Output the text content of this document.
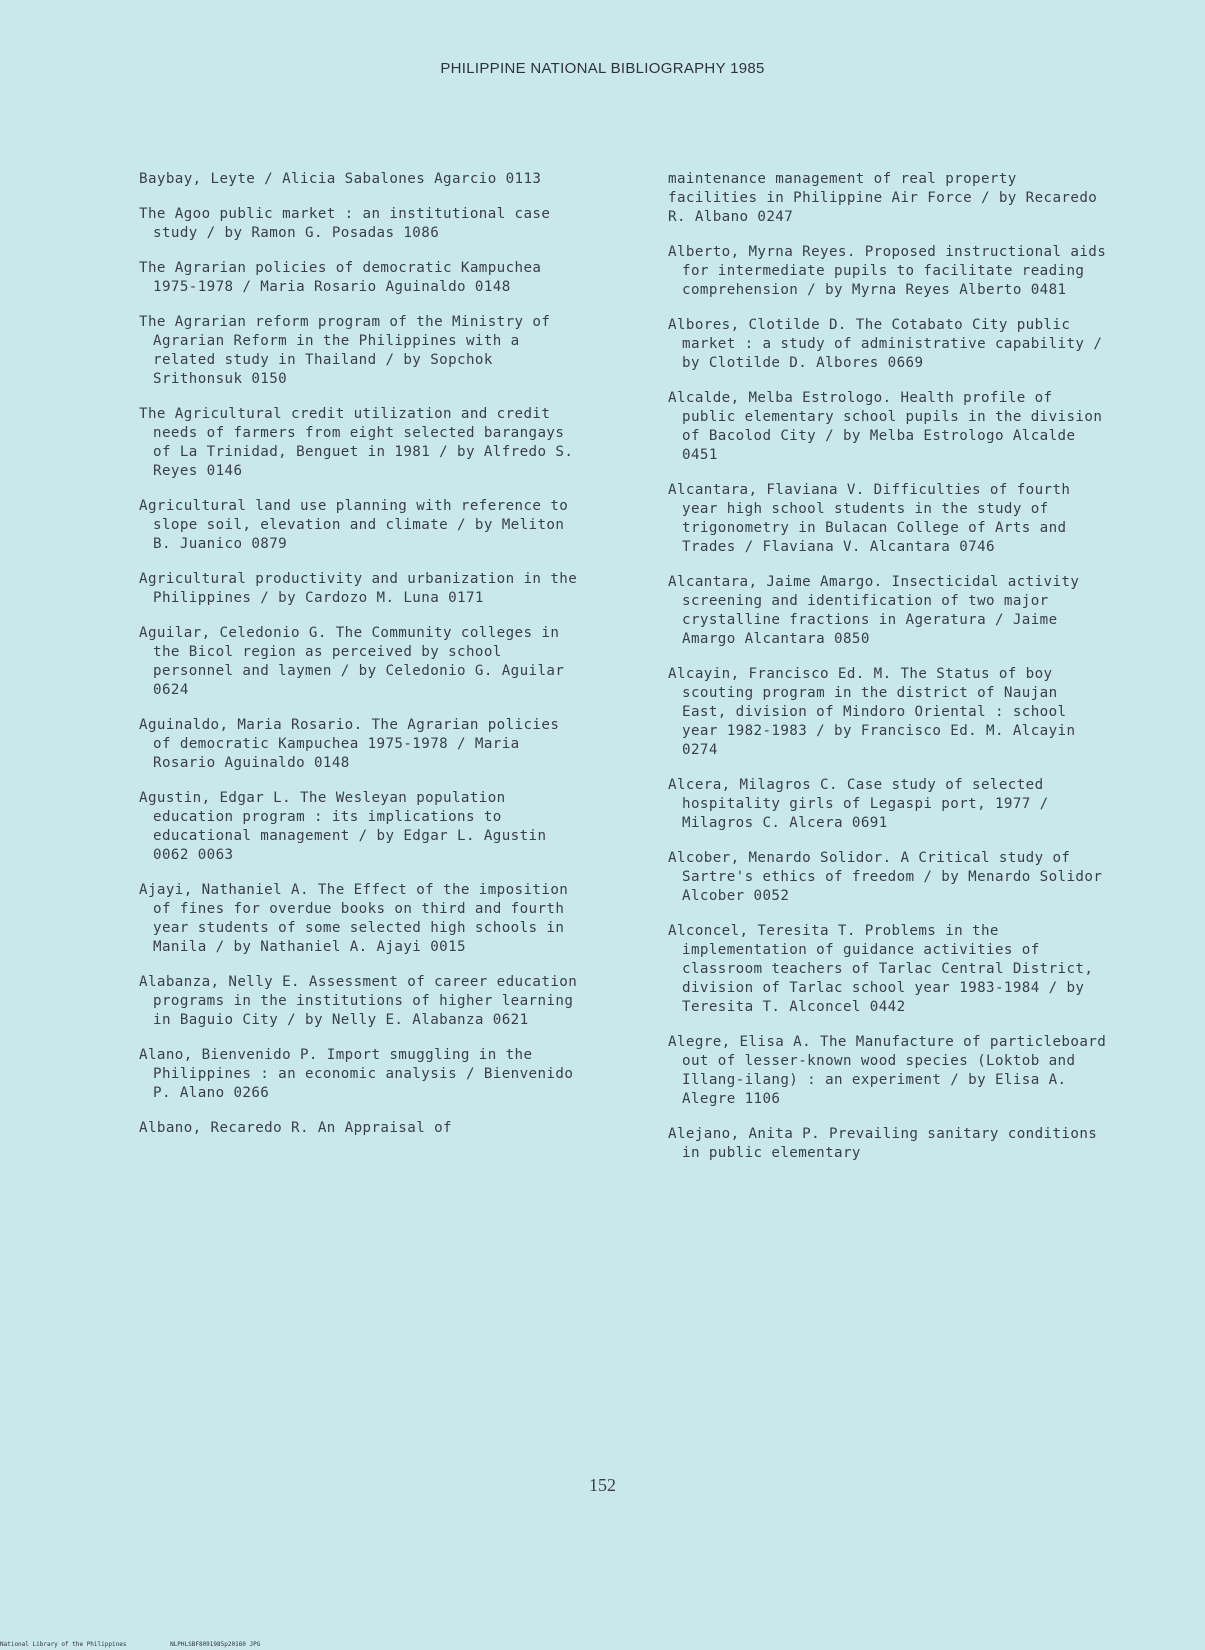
PHILIPPINE NATIONAL BIBLIOGRAPHY 1985

Baybay, Leyte / Alicia Sabalones Agarcio 0113

The Agoo public market : an institutional case study / by Ramon G. Posadas 1086

The Agrarian policies of democratic Kampuchea 1975-1978 / Maria Rosario Aguinaldo 0148

The Agrarian reform program of the Ministry of Agrarian Reform in the Philippines with a related study in Thailand / by Sopchok Srithonsuk 0150

The Agricultural credit utilization and credit needs of farmers from eight selected barangays of La Trinidad, Benguet in 1981 / by Alfredo S. Reyes 0146

Agricultural land use planning with reference to slope soil, elevation and climate / by Meliton B. Juanico 0879

Agricultural productivity and urbanization in the Philippines / by Cardozo M. Luna 0171

Aguilar, Celedonio G. The Community colleges in the Bicol region as perceived by school personnel and laymen / by Celedonio G. Aguilar 0624

Aguinaldo, Maria Rosario. The Agrarian policies of democratic Kampuchea 1975-1978 / Maria Rosario Aguinaldo 0148

Agustin, Edgar L. The Wesleyan population education program : its implications to educational management / by Edgar L. Agustin 0062 0063

Ajayi, Nathaniel A. The Effect of the imposition of fines for overdue books on third and fourth year students of some selected high schools in Manila / by Nathaniel A. Ajayi 0015

Alabanza, Nelly E. Assessment of career education programs in the institutions of higher learning in Baguio City / by Nelly E. Alabanza 0621

Alano, Bienvenido P. Import smuggling in the Philippines : an economic analysis / Bienvenido P. Alano 0266

Albano, Recaredo R. An Appraisal of

maintenance management of real property facilities in Philippine Air Force / by Recaredo R. Albano 0247

Alberto, Myrna Reyes. Proposed instructional aids for intermediate pupils to facilitate reading comprehension / by Myrna Reyes Alberto 0481

Albores, Clotilde D. The Cotabato City public market : a study of administrative capability / by Clotilde D. Albores 0669

Alcalde, Melba Estrologo. Health profile of public elementary school pupils in the division of Bacolod City / by Melba Estrologo Alcalde 0451

Alcantara, Flaviana V. Difficulties of fourth year high school students in the study of trigonometry in Bulacan College of Arts and Trades / Flaviana V. Alcantara 0746

Alcantara, Jaime Amargo. Insecticidal activity screening and identification of two major crystalline fractions in Ageratura / Jaime Amargo Alcantara 0850

Alcayin, Francisco Ed. M. The Status of boy scouting program in the district of Naujan East, division of Mindoro Oriental : school year 1982-1983 / by Francisco Ed. M. Alcayin 0274

Alcera, Milagros C. Case study of selected hospitality girls of Legaspi port, 1977 / Milagros C. Alcera 0691

Alcober, Menardo Solidor. A Critical study of Sartre's ethics of freedom / by Menardo Solidor Alcober 0052

Alconcel, Teresita T. Problems in the implementation of guidance activities of classroom teachers of Tarlac Central District, division of Tarlac school year 1983-1984 / by Teresita T. Alconcel 0442

Alegre, Elisa A. The Manufacture of particleboard out of lesser-known wood species (Loktob and Illang-ilang) : an experiment / by Elisa A. Alegre 1106

Alejano, Anita P. Prevailing sanitary conditions in public elementary

152
National Library of the Philippines	NLPHLSBF8091985p20160 JPG
